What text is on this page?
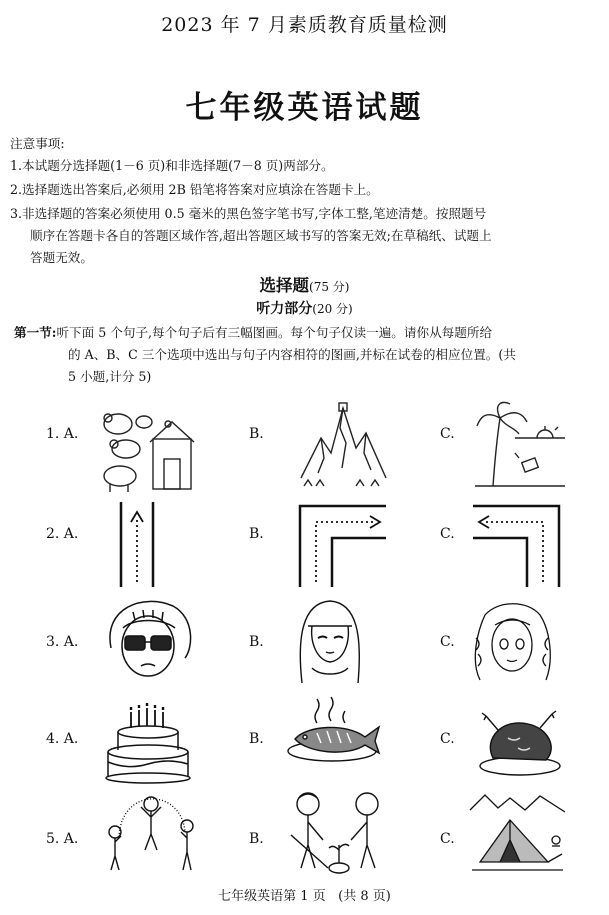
2023 年 7 月素质教育质量检测
七年级英语试题
注意事项:
1.本试题分选择题(1－6 页)和非选择题(7－8 页)两部分。
2.选择题选出答案后,必须用 2B 铅笔将答案对应填涂在答题卡上。
3.非选择题的答案必须使用 0.5 毫米的黑色签字笔书写,字体工整,笔迹清楚。按照题号
顺序在答题卡各自的答题区域作答,超出答题区域书写的答案无效;在草稿纸、试题上
答题无效。
选择题(75 分)
听力部分(20 分)
第一节:听下面 5 个句子,每个句子后有三幅图画。每个句子仅读一遍。请你从每题所给
的 A、B、C 三个选项中选出与句子内容相符的图画,并标在试卷的相应位置。(共
5 小题,计分 5)
1. A.	B.	C.
2. A.	B.	C.
3. A.	B.	C.
4. A.	B.	C.
5. A.	B.	C.
七年级英语第 1 页 (共 8 页)
